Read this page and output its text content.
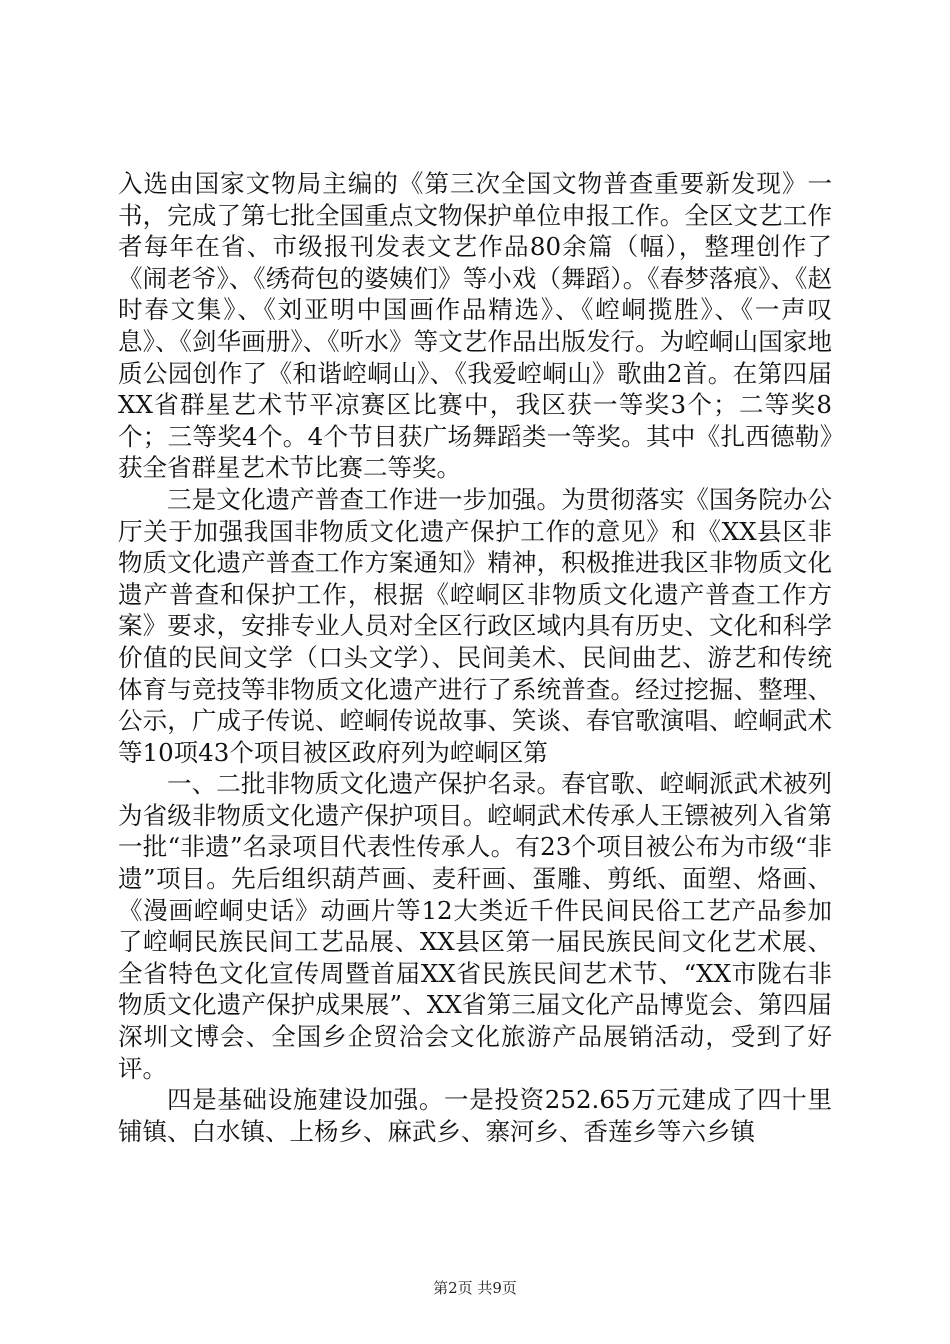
入选由国家文物局主编的《第三次全国文物普查重要新发现》一书，完成了第七批全国重点文物保护单位申报工作。全区文艺工作者每年在省、市级报刊发表文艺作品80余篇（幅），整理创作了《闹老爷》、《绣荷包的婆姨们》等小戏（舞蹈）。《春梦落痕》、《赵时春文集》、《刘亚明中国画作品精选》、《崆峒揽胜》、《一声叹息》、《剑华画册》、《听水》等文艺作品出版发行。为崆峒山国家地质公园创作了《和谐崆峒山》、《我爱崆峒山》歌曲2首。在第四届XX省群星艺术节平凉赛区比赛中，我区获一等奖3个；二等奖8个；三等奖4个。4个节目获广场舞蹈类一等奖。其中《扎西德勒》获全省群星艺术节比赛二等奖。

三是文化遗产普查工作进一步加强。为贯彻落实《国务院办公厅关于加强我国非物质文化遗产保护工作的意见》和《XX县区非物质文化遗产普查工作方案通知》精神，积极推进我区非物质文化遗产普查和保护工作，根据《崆峒区非物质文化遗产普查工作方案》要求，安排专业人员对全区行政区域内具有历史、文化和科学价值的民间文学（口头文学）、民间美术、民间曲艺、游艺和传统体育与竞技等非物质文化遗产进行了系统普查。经过挖掘、整理、公示，广成子传说、崆峒传说故事、笑谈、春官歌演唱、崆峒武术等10项43个项目被区政府列为崆峒区第

一、二批非物质文化遗产保护名录。春官歌、崆峒派武术被列为省级非物质文化遗产保护项目。崆峒武术传承人王镖被列入省第一批“非遗”名录项目代表性传承人。有23个项目被公布为市级“非遗”项目。先后组织葫芦画、麦秆画、蛋雕、剪纸、面塑、烙画、《漫画崆峒史话》动画片等12大类近千件民间民俗工艺产品参加了崆峒民族民间工艺品展、XX县区第一届民族民间文化艺术展、全省特色文化宣传周暨首届XX省民族民间艺术节、“XX市陇右非物质文化遗产保护成果展”、XX省第三届文化产品博览会、第四届深圳文博会、全国乡企贸洽会文化旅游产品展销活动，受到了好评。

四是基础设施建设加强。一是投资252.65万元建成了四十里铺镇、白水镇、上杨乡、麻武乡、寨河乡、香莲乡等六乡镇

第2页 共9页
